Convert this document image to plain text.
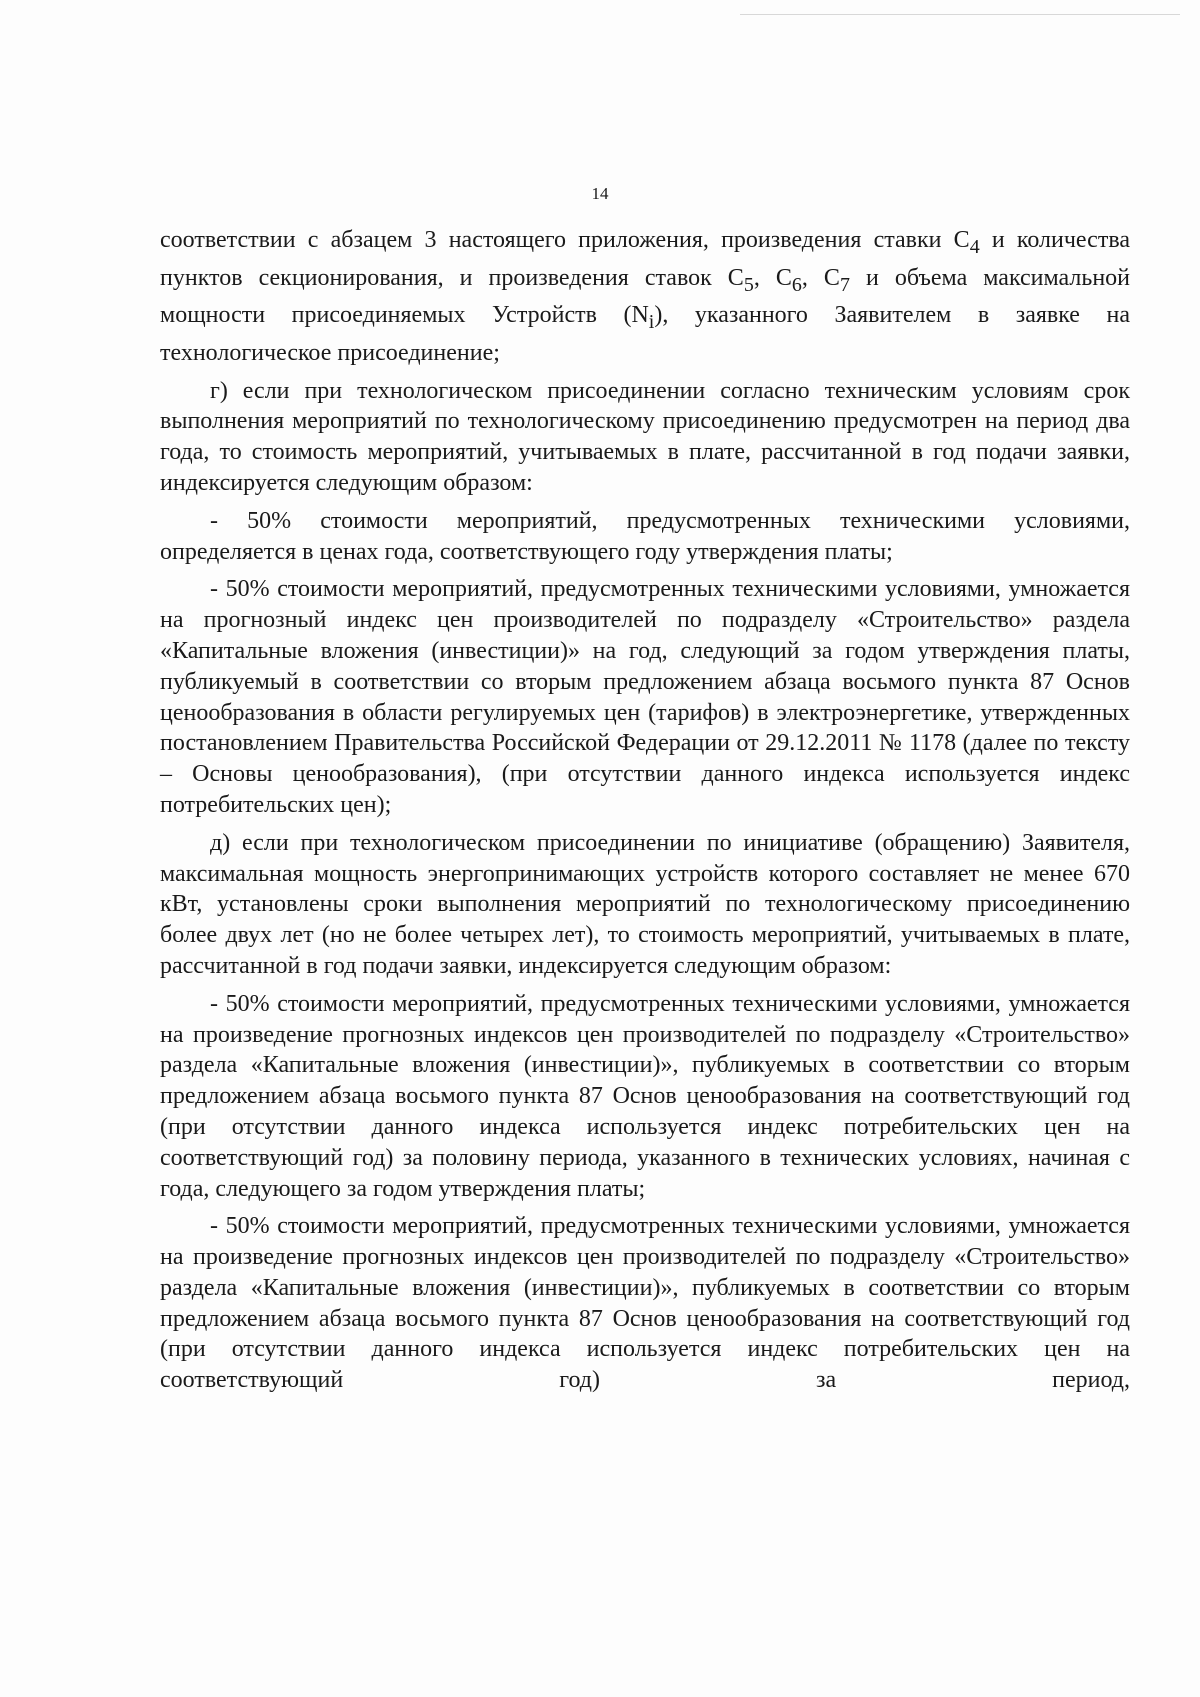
14

соответствии с абзацем 3 настоящего приложения, произведения ставки $С_4$ и количества пунктов секционирования, и произведения ставок $С_5$, $С_6$, $С_7$ и объема максимальной мощности присоединяемых Устройств $(N_i)$, указанного Заявителем в заявке на технологическое присоединение;

г) если при технологическом присоединении согласно техническим условиям срок выполнения мероприятий по технологическому присоединению предусмотрен на период два года, то стоимость мероприятий, учитываемых в плате, рассчитанной в год подачи заявки, индексируется следующим образом:

- 50% стоимости мероприятий, предусмотренных техническими условиями, определяется в ценах года, соответствующего году утверждения платы;

- 50% стоимости мероприятий, предусмотренных техническими условиями, умножается на прогнозный индекс цен производителей по подразделу «Строительство» раздела «Капитальные вложения (инвестиции)» на год, следующий за годом утверждения платы, публикуемый в соответствии со вторым предложением абзаца восьмого пункта 87 Основ ценообразования в области регулируемых цен (тарифов) в электроэнергетике, утвержденных постановлением Правительства Российской Федерации от 29.12.2011 № 1178 (далее по тексту – Основы ценообразования), (при отсутствии данного индекса используется индекс потребительских цен);

д) если при технологическом присоединении по инициативе (обращению) Заявителя, максимальная мощность энергопринимающих устройств которого составляет не менее 670 кВт, установлены сроки выполнения мероприятий по технологическому присоединению более двух лет (но не более четырех лет), то стоимость мероприятий, учитываемых в плате, рассчитанной в год подачи заявки, индексируется следующим образом:

- 50% стоимости мероприятий, предусмотренных техническими условиями, умножается на произведение прогнозных индексов цен производителей по подразделу «Строительство» раздела «Капитальные вложения (инвестиции)», публикуемых в соответствии со вторым предложением абзаца восьмого пункта 87 Основ ценообразования на соответствующий год (при отсутствии данного индекса используется индекс потребительских цен на соответствующий год) за половину периода, указанного в технических условиях, начиная с года, следующего за годом утверждения платы;

- 50% стоимости мероприятий, предусмотренных техническими условиями, умножается на произведение прогнозных индексов цен производителей по подразделу «Строительство» раздела «Капитальные вложения (инвестиции)», публикуемых в соответствии со вторым предложением абзаца восьмого пункта 87 Основ ценообразования на соответствующий год (при отсутствии данного индекса используется индекс потребительских цен на соответствующий год) за период,
